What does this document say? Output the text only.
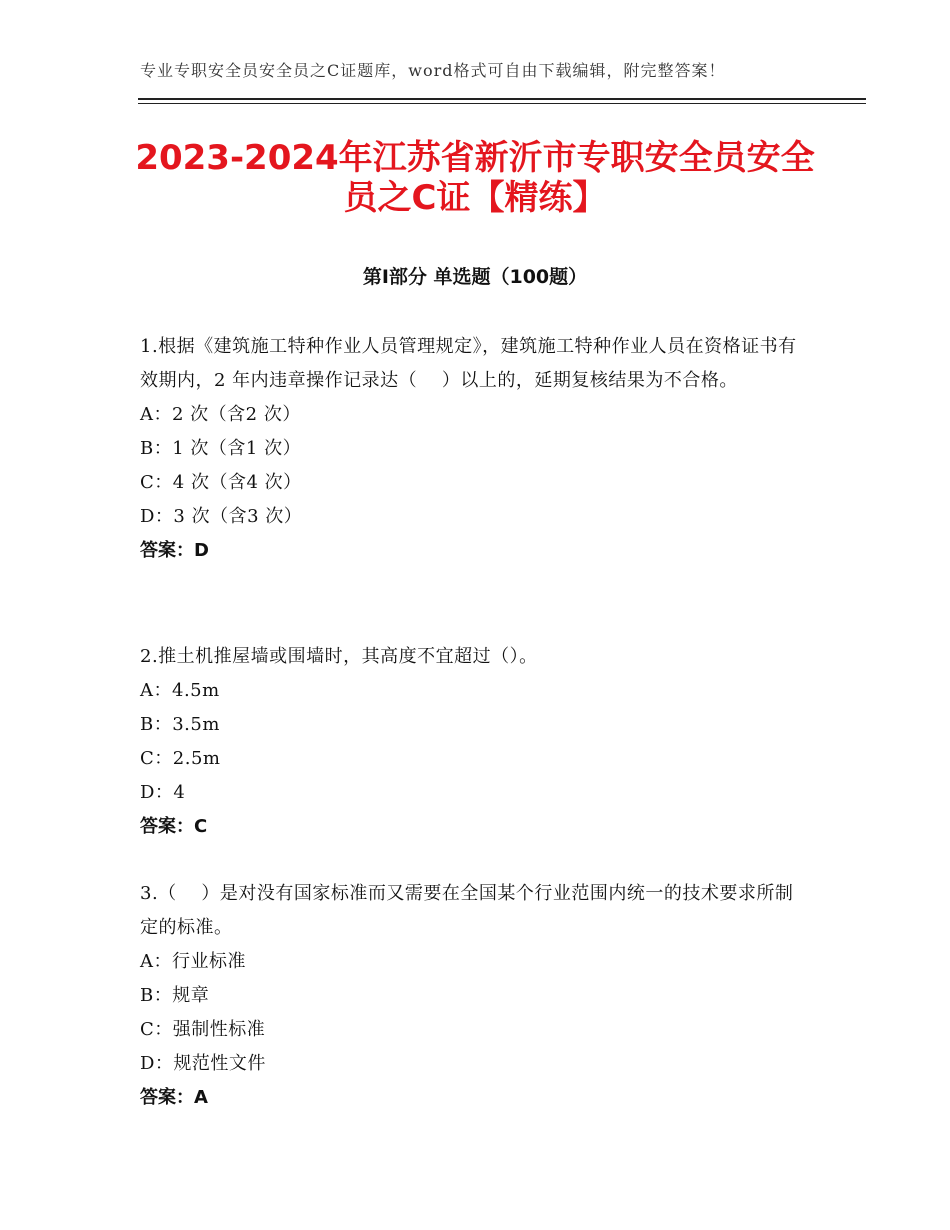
专业专职安全员安全员之C证题库，word格式可自由下载编辑，附完整答案！
2023-2024年江苏省新沂市专职安全员安全
员之C证【精练】
第Ⅰ部分 单选题（100题）
1.根据《建筑施工特种作业人员管理规定》，建筑施工特种作业人员在资格证书有效期内，2 年内违章操作记录达（　 ）以上的，延期复核结果为不合格。
A：2 次（含2 次）
B：1 次（含1 次）
C：4 次（含4 次）
D：3 次（含3 次）
答案：D
2.推土机推屋墙或围墙时，其高度不宜超过（）。
A：4.5m
B：3.5m
C：2.5m
D：4
答案：C
3.（　 ）是对没有国家标准而又需要在全国某个行业范围内统一的技术要求所制定的标准。
A：行业标准
B：规章
C：强制性标准
D：规范性文件
答案：A
